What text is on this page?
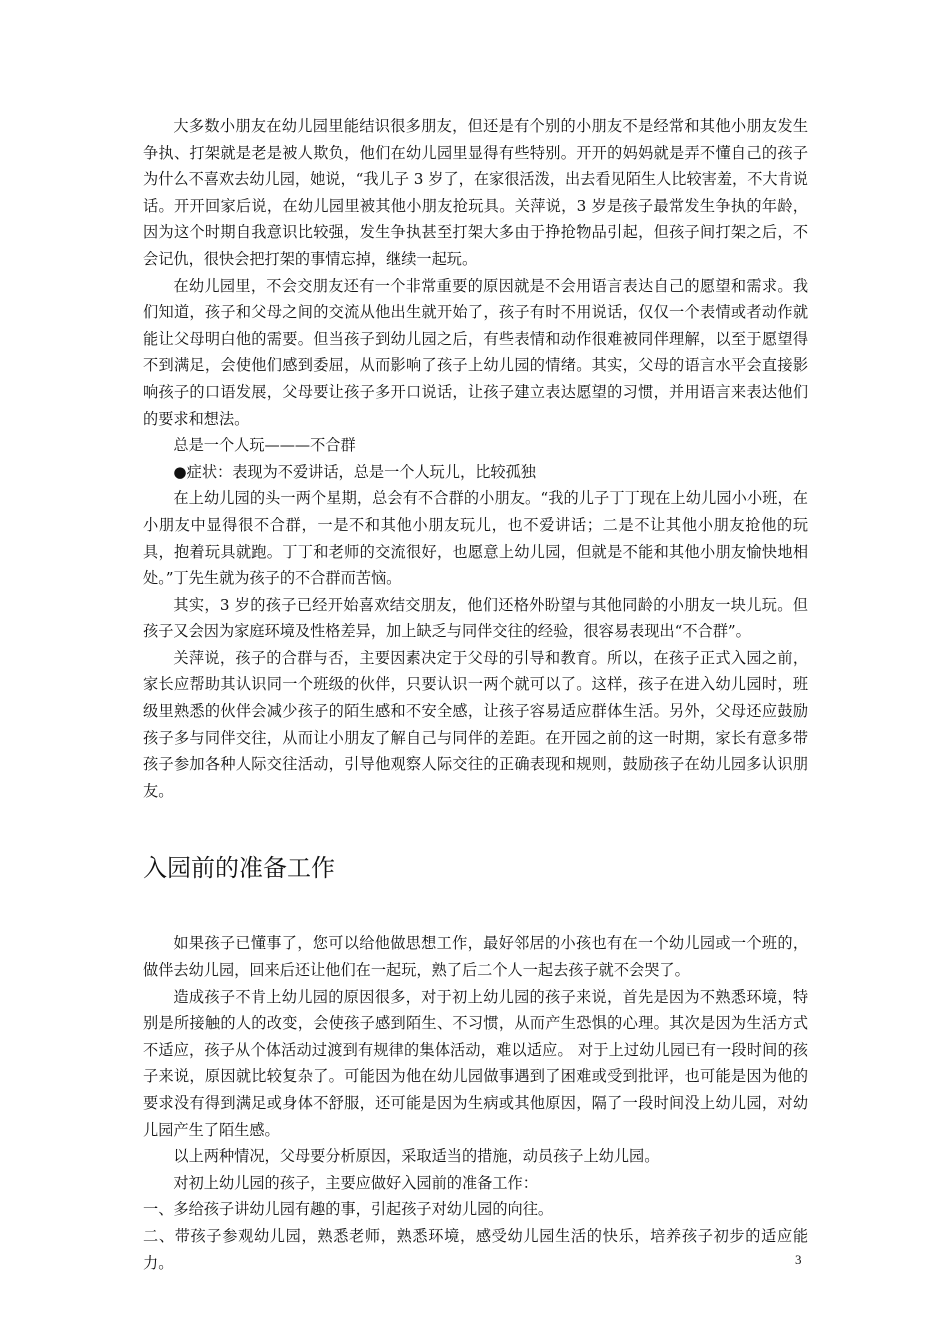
大多数小朋友在幼儿园里能结识很多朋友，但还是有个别的小朋友不是经常和其他小朋友发生争执、打架就是老是被人欺负，他们在幼儿园里显得有些特别。开开的妈妈就是弄不懂自己的孩子为什么不喜欢去幼儿园，她说，“我儿子 3 岁了，在家很活泼，出去看见陌生人比较害羞，不大肯说话。开开回家后说，在幼儿园里被其他小朋友抢玩具。关萍说，3 岁是孩子最常发生争执的年龄，因为这个时期自我意识比较强，发生争执甚至打架大多由于挣抢物品引起，但孩子间打架之后，不会记仇，很快会把打架的事情忘掉，继续一起玩。

在幼儿园里，不会交朋友还有一个非常重要的原因就是不会用语言表达自己的愿望和需求。我们知道，孩子和父母之间的交流从他出生就开始了，孩子有时不用说话，仅仅一个表情或者动作就能让父母明白他的需要。但当孩子到幼儿园之后，有些表情和动作很难被同伴理解，以至于愿望得不到满足，会使他们感到委屈，从而影响了孩子上幼儿园的情绪。其实，父母的语言水平会直接影响孩子的口语发展，父母要让孩子多开口说话，让孩子建立表达愿望的习惯，并用语言来表达他们的要求和想法。

总是一个人玩———不合群

●症状：表现为不爱讲话，总是一个人玩儿，比较孤独

在上幼儿园的头一两个星期，总会有不合群的小朋友。“我的儿子丁丁现在上幼儿园小小班，在小朋友中显得很不合群，一是不和其他小朋友玩儿，也不爱讲话；二是不让其他小朋友抢他的玩具，抱着玩具就跑。丁丁和老师的交流很好，也愿意上幼儿园，但就是不能和其他小朋友愉快地相处。”丁先生就为孩子的不合群而苦恼。

其实，3 岁的孩子已经开始喜欢结交朋友，他们还格外盼望与其他同龄的小朋友一块儿玩。但孩子又会因为家庭环境及性格差异，加上缺乏与同伴交往的经验，很容易表现出“不合群”。

关萍说，孩子的合群与否，主要因素决定于父母的引导和教育。所以，在孩子正式入园之前，家长应帮助其认识同一个班级的伙伴，只要认识一两个就可以了。这样，孩子在进入幼儿园时，班级里熟悉的伙伴会减少孩子的陌生感和不安全感，让孩子容易适应群体生活。另外，父母还应鼓励孩子多与同伴交往，从而让小朋友了解自己与同伴的差距。在开园之前的这一时期，家长有意多带孩子参加各种人际交往活动，引导他观察人际交往的正确表现和规则，鼓励孩子在幼儿园多认识朋友。

入园前的准备工作

如果孩子已懂事了，您可以给他做思想工作，最好邻居的小孩也有在一个幼儿园或一个班的，做伴去幼儿园，回来后还让他们在一起玩，熟了后二个人一起去孩子就不会哭了。

造成孩子不肯上幼儿园的原因很多，对于初上幼儿园的孩子来说，首先是因为不熟悉环境，特别是所接触的人的改变，会使孩子感到陌生、不习惯，从而产生恐惧的心理。其次是因为生活方式不适应，孩子从个体活动过渡到有规律的集体活动，难以适应。 对于上过幼儿园已有一段时间的孩子来说，原因就比较复杂了。可能因为他在幼儿园做事遇到了困难或受到批评，也可能是因为他的要求没有得到满足或身体不舒服，还可能是因为生病或其他原因，隔了一段时间没上幼儿园，对幼儿园产生了陌生感。

以上两种情况，父母要分析原因，采取适当的措施，动员孩子上幼儿园。

对初上幼儿园的孩子，主要应做好入园前的准备工作：

一、多给孩子讲幼儿园有趣的事，引起孩子对幼儿园的向往。

二、带孩子参观幼儿园，熟悉老师，熟悉环境，感受幼儿园生活的快乐，培养孩子初步的适应能力。	3
